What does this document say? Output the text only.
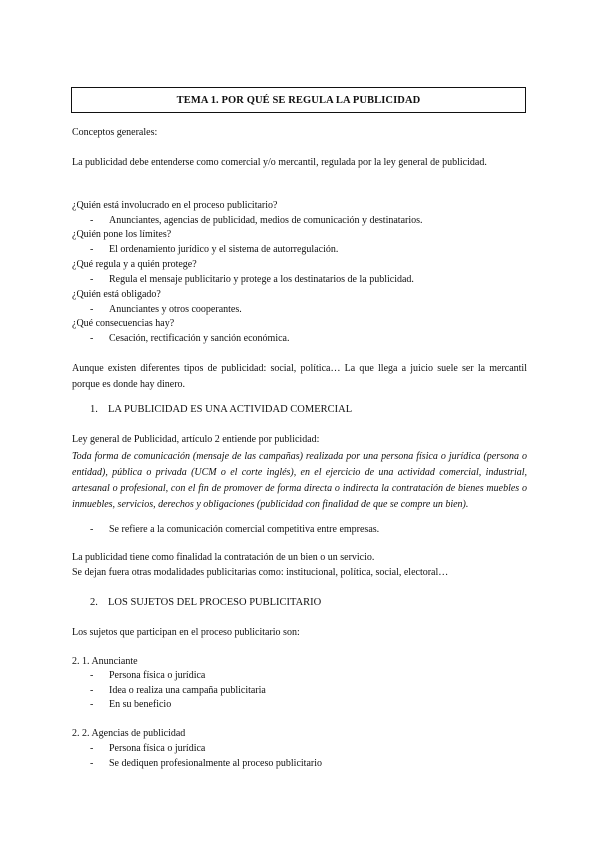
TEMA 1. POR QUÉ SE REGULA LA PUBLICIDAD
Conceptos generales:
La publicidad debe entenderse como comercial y/o mercantil, regulada por la ley general de publicidad.
¿Quién está involucrado en el proceso publicitario?
- Anunciantes, agencias de publicidad, medios de comunicación y destinatarios.
¿Quién pone los límites?
- El ordenamiento jurídico y el sistema de autorregulación.
¿Qué regula y a quién protege?
- Regula el mensaje publicitario y protege a los destinatarios de la publicidad.
¿Quién está obligado?
- Anunciantes y otros cooperantes.
¿Qué consecuencias hay?
- Cesación, rectificación y sanción económica.
Aunque existen diferentes tipos de publicidad: social, política… La que llega a juicio suele ser la mercantil porque es donde hay dinero.
1. LA PUBLICIDAD ES UNA ACTIVIDAD COMERCIAL
Ley general de Publicidad, artículo 2 entiende por publicidad:
Toda forma de comunicación (mensaje de las campañas) realizada por una persona física o jurídica (persona o entidad), pública o privada (UCM o el corte inglés), en el ejercicio de una actividad comercial, industrial, artesanal o profesional, con el fin de promover de forma directa o indirecta la contratación de bienes muebles o inmuebles, servicios, derechos y obligaciones (publicidad con finalidad de que se compre un bien).
- Se refiere a la comunicación comercial competitiva entre empresas.
La publicidad tiene como finalidad la contratación de un bien o un servicio.
Se dejan fuera otras modalidades publicitarias como: institucional, política, social, electoral…
2. LOS SUJETOS DEL PROCESO PUBLICITARIO
Los sujetos que participan en el proceso publicitario son:
2. 1. Anunciante
- Persona física o jurídica
- Idea o realiza una campaña publicitaria
- En su beneficio
2. 2. Agencias de publicidad
- Persona física o jurídica
- Se dediquen profesionalmente al proceso publicitario
